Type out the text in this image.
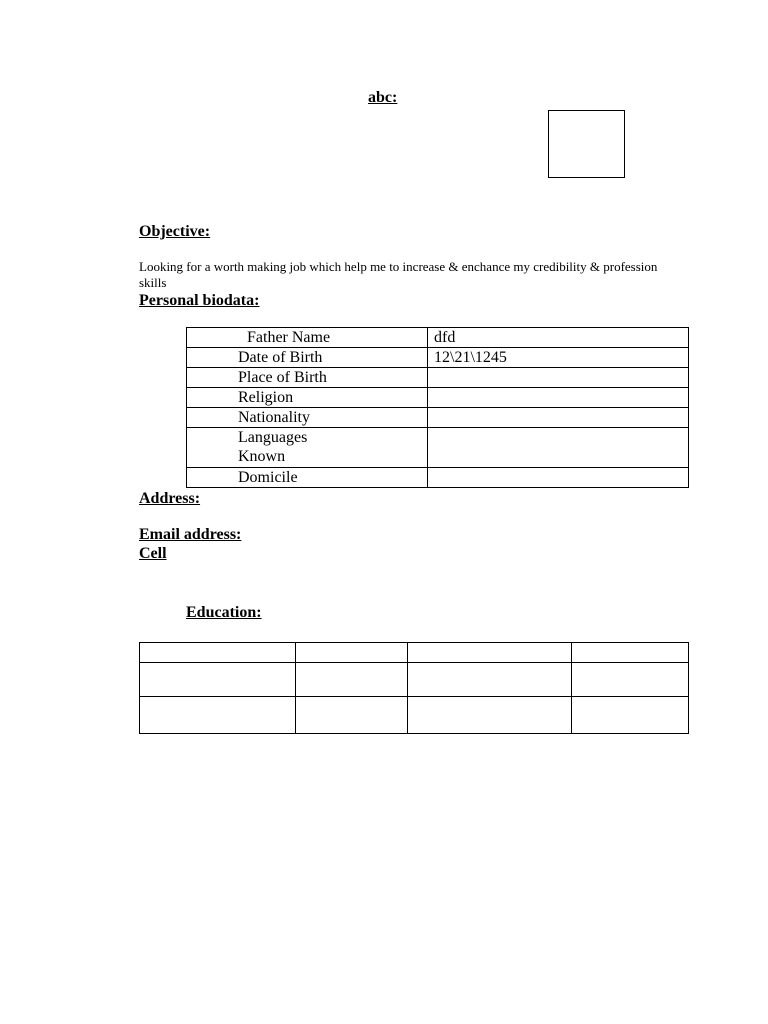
abc:
Objective:
Looking for a worth making job which help me to increase & enchance my credibility & profession skills
Personal biodata:
Father Name	dfd

Date of Birth	12\21\1245

Place of Birth	

Religion	

Nationality	

Languages Known	

Domicile	

Address:
Email address:
Cell
Education:
